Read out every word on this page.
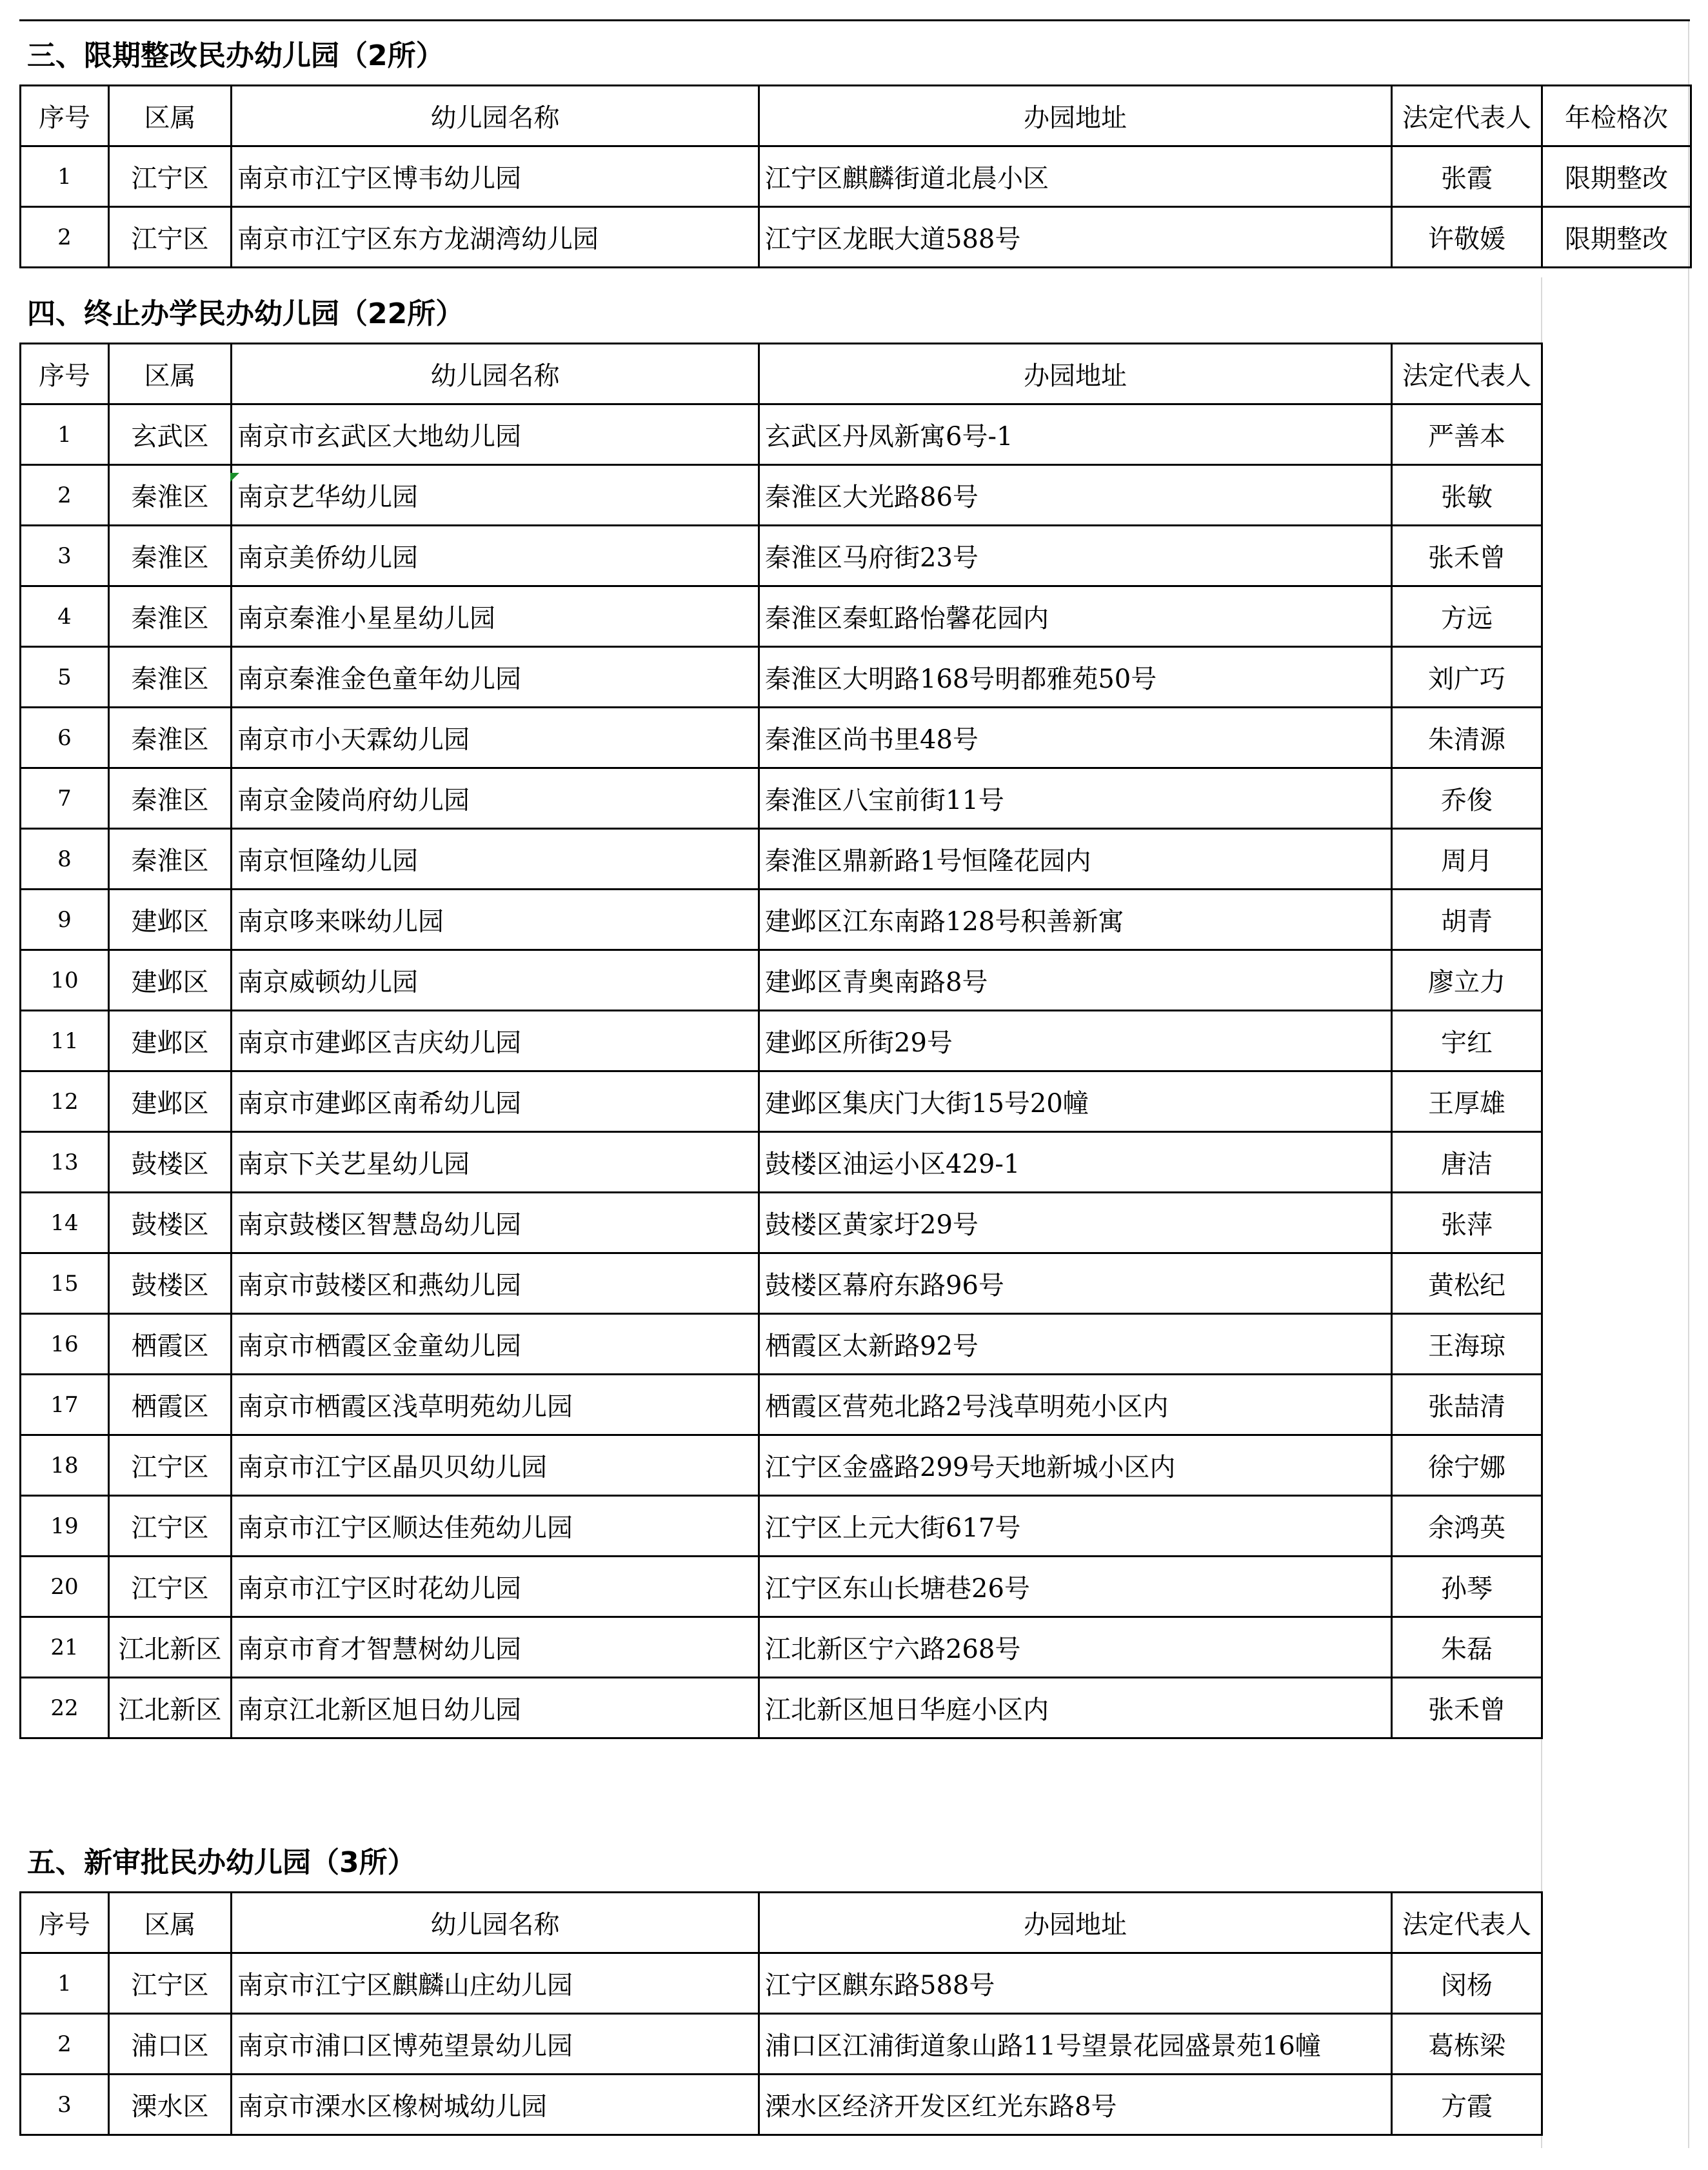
三、限期整改民办幼儿园（2所）
序号	区属	幼儿园名称	办园地址	法定代表人	年检格次
1	江宁区	南京市江宁区博韦幼儿园	江宁区麒麟街道北晨小区	张霞	限期整改
2	江宁区	南京市江宁区东方龙湖湾幼儿园	江宁区龙眠大道588号	许敬媛	限期整改
四、终止办学民办幼儿园（22所）
序号	区属	幼儿园名称	办园地址	法定代表人
1	玄武区	南京市玄武区大地幼儿园	玄武区丹凤新寓6号-1	严善本
2	秦淮区	南京艺华幼儿园	秦淮区大光路86号	张敏
3	秦淮区	南京美侨幼儿园	秦淮区马府街23号	张禾曾
4	秦淮区	南京秦淮小星星幼儿园	秦淮区秦虹路怡馨花园内	方远
5	秦淮区	南京秦淮金色童年幼儿园	秦淮区大明路168号明都雅苑50号	刘广巧
6	秦淮区	南京市小天霖幼儿园	秦淮区尚书里48号	朱清源
7	秦淮区	南京金陵尚府幼儿园	秦淮区八宝前街11号	乔俊
8	秦淮区	南京恒隆幼儿园	秦淮区鼎新路1号恒隆花园内	周月
9	建邺区	南京哆来咪幼儿园	建邺区江东南路128号积善新寓	胡青
10	建邺区	南京威顿幼儿园	建邺区青奥南路8号	廖立力
11	建邺区	南京市建邺区吉庆幼儿园	建邺区所街29号	宇红
12	建邺区	南京市建邺区南希幼儿园	建邺区集庆门大街15号20幢	王厚雄
13	鼓楼区	南京下关艺星幼儿园	鼓楼区油运小区429-1	唐洁
14	鼓楼区	南京鼓楼区智慧岛幼儿园	鼓楼区黄家圩29号	张萍
15	鼓楼区	南京市鼓楼区和燕幼儿园	鼓楼区幕府东路96号	黄松纪
16	栖霞区	南京市栖霞区金童幼儿园	栖霞区太新路92号	王海琼
17	栖霞区	南京市栖霞区浅草明苑幼儿园	栖霞区营苑北路2号浅草明苑小区内	张喆清
18	江宁区	南京市江宁区晶贝贝幼儿园	江宁区金盛路299号天地新城小区内	徐宁娜
19	江宁区	南京市江宁区顺达佳苑幼儿园	江宁区上元大街617号	余鸿英
20	江宁区	南京市江宁区时花幼儿园	江宁区东山长塘巷26号	孙琴
21	江北新区	南京市育才智慧树幼儿园	江北新区宁六路268号	朱磊
22	江北新区	南京江北新区旭日幼儿园	江北新区旭日华庭小区内	张禾曾
五、新审批民办幼儿园（3所）
序号	区属	幼儿园名称	办园地址	法定代表人
1	江宁区	南京市江宁区麒麟山庄幼儿园	江宁区麒东路588号	闵杨
2	浦口区	南京市浦口区博苑望景幼儿园	浦口区江浦街道象山路11号望景花园盛景苑16幢	葛栋梁
3	溧水区	南京市溧水区橡树城幼儿园	溧水区经济开发区红光东路8号	方霞
